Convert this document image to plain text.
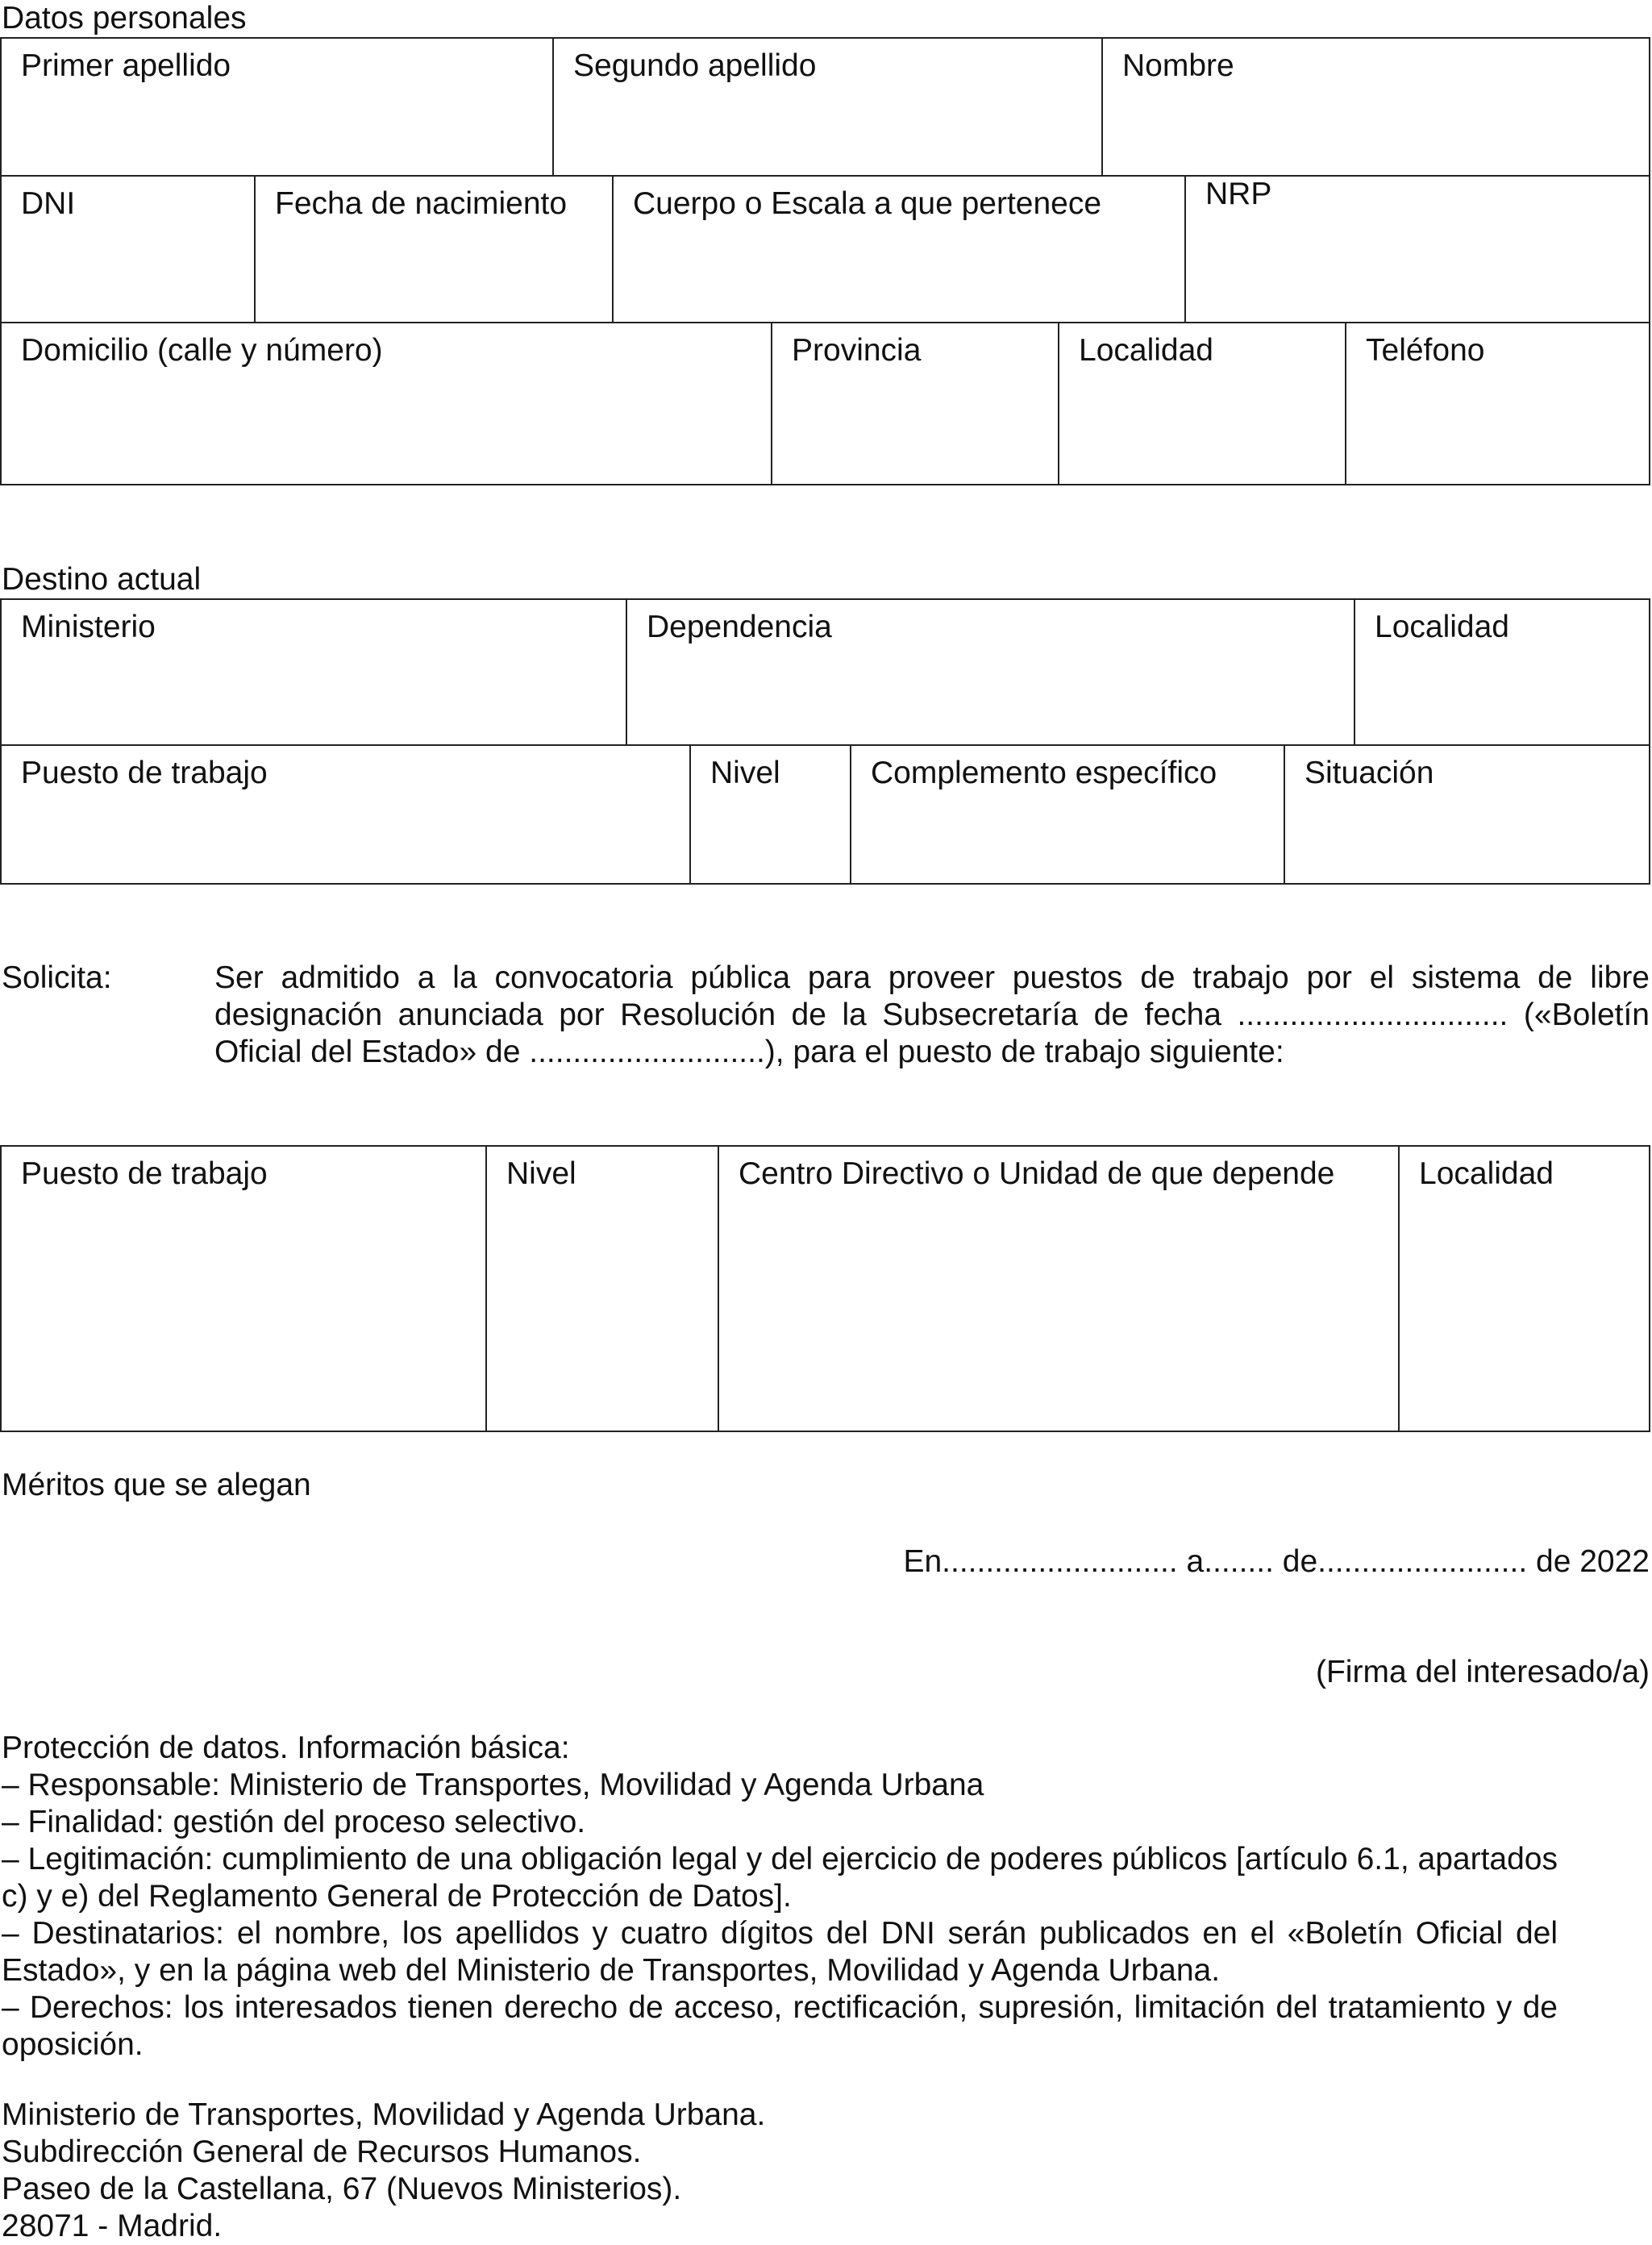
Datos personales
Primer apellido	Segundo apellido	Nombre
DNI	Fecha de nacimiento	Cuerpo o Escala a que pertenece	NRP
Domicilio (calle y número)	Provincia	Localidad	Teléfono
Destino actual
Ministerio	Dependencia	Localidad
Puesto de trabajo	Nivel	Complemento específico	Situación
Solicita:	Ser admitido a la convocatoria pública para proveer puestos de trabajo por el sistema de libre designación anunciada por Resolución de la Subsecretaría de fecha ............................... («Boletín Oficial del Estado» de ...........................), para el puesto de trabajo siguiente:
Puesto de trabajo	Nivel	Centro Directivo o Unidad de que depende	Localidad
Méritos que se alegan
En........................... a........ de........................ de 2022
(Firma del interesado/a)

Protección de datos. Información básica:

– Responsable: Ministerio de Transportes, Movilidad y Agenda Urbana

– Finalidad: gestión del proceso selectivo.

– Legitimación: cumplimiento de una obligación legal y del ejercicio de poderes públicos [artículo 6.1, apartados c) y e) del Reglamento General de Protección de Datos].

– Destinatarios: el nombre, los apellidos y cuatro dígitos del DNI serán publicados en el «Boletín Oficial del Estado», y en la página web del Ministerio de Transportes, Movilidad y Agenda Urbana.

– Derechos: los interesados tienen derecho de acceso, rectificación, supresión, limitación del tratamiento y de oposición.

Ministerio de Transportes, Movilidad y Agenda Urbana.
Subdirección General de Recursos Humanos.
Paseo de la Castellana, 67 (Nuevos Ministerios).
28071 - Madrid.
